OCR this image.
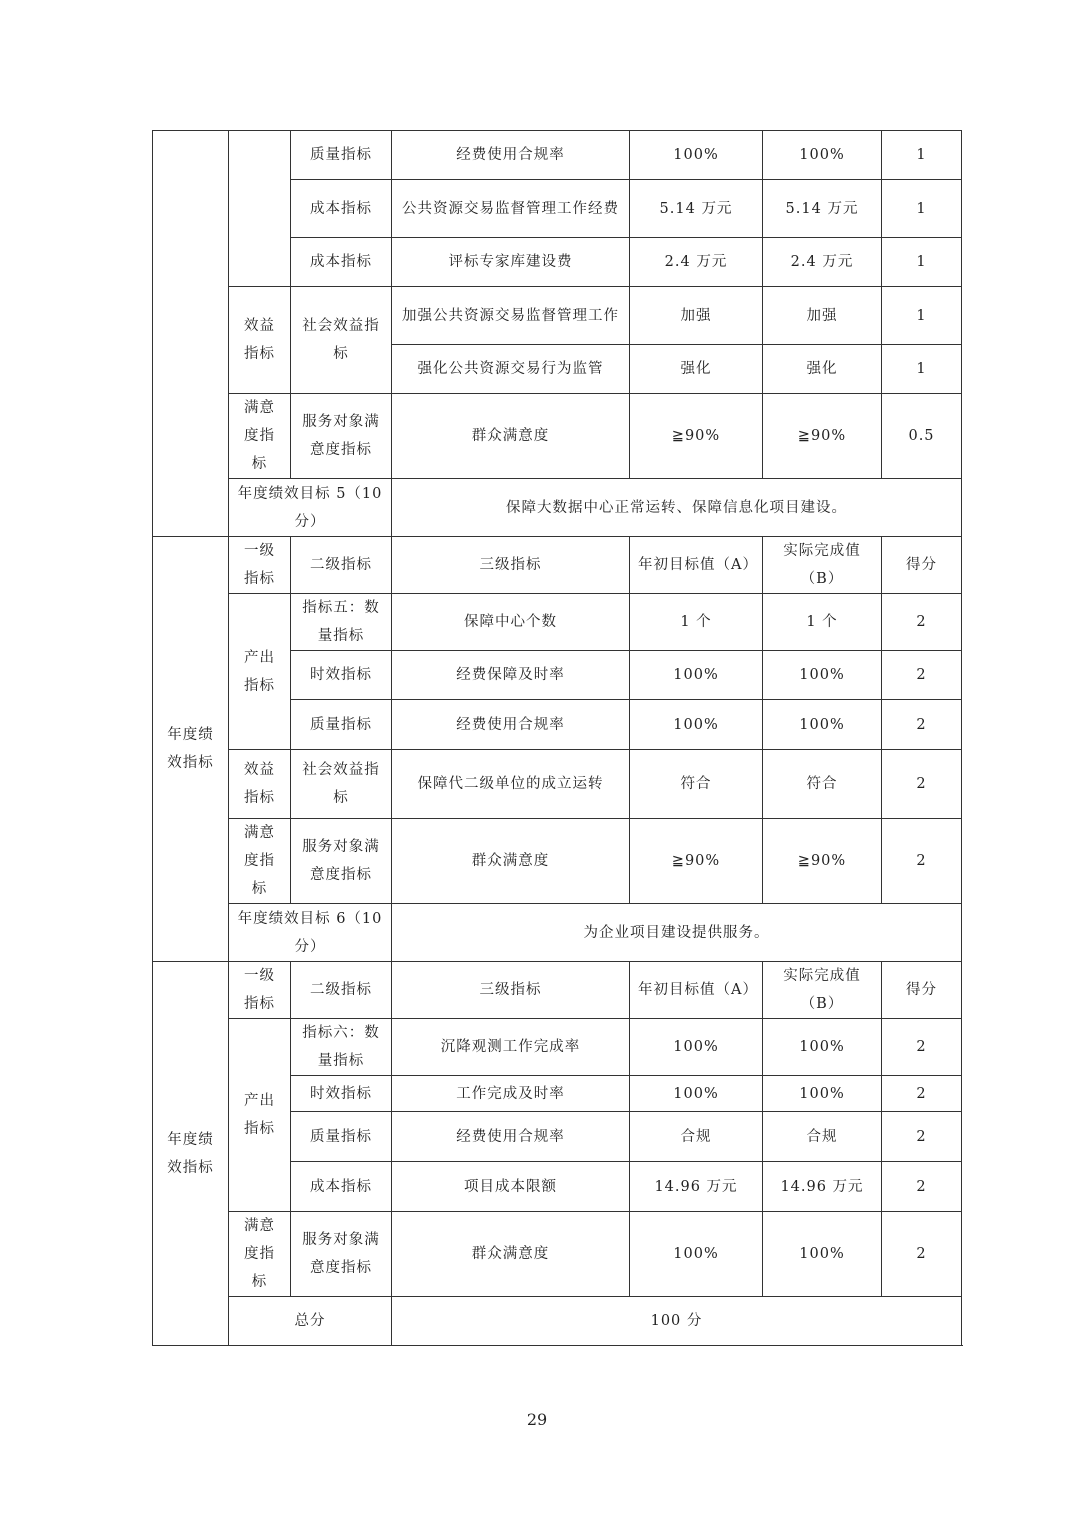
		质量指标	经费使用合规率	100%	100%	1
		成本指标	公共资源交易监督管理工作经费	5.14 万元	5.14 万元	1
		成本指标	评标专家库建设费	2.4 万元	2.4 万元	1
	效益指标	社会效益指标	加强公共资源交易监督管理工作	加强	加强	1
			强化公共资源交易行为监管	强化	强化	1
	满意度指标	服务对象满意度指标	群众满意度	≧90%	≧90%	0.5
	年度绩效目标 5（10 分）		保障大数据中心正常运转、保障信息化项目建设。			
年度绩效指标	一级指标	二级指标	三级指标	年初目标值（A）	实际完成值（B）	得分
	产出指标	指标五：数量指标	保障中心个数	1 个	1 个	2
		时效指标	经费保障及时率	100%	100%	2
		质量指标	经费使用合规率	100%	100%	2
	效益指标	社会效益指标	保障代二级单位的成立运转	符合	符合	2
	满意度指标	服务对象满意度指标	群众满意度	≧90%	≧90%	2
	年度绩效目标 6（10 分）		为企业项目建设提供服务。			
年度绩效指标	一级指标	二级指标	三级指标	年初目标值（A）	实际完成值（B）	得分
	产出指标	指标六：数量指标	沉降观测工作完成率	100%	100%	2
		时效指标	工作完成及时率	100%	100%	2
		质量指标	经费使用合规率	合规	合规	2
		成本指标	项目成本限额	14.96 万元	14.96 万元	2
	满意度指标	服务对象满意度指标	群众满意度	100%	100%	2
	总分		100 分			
29
